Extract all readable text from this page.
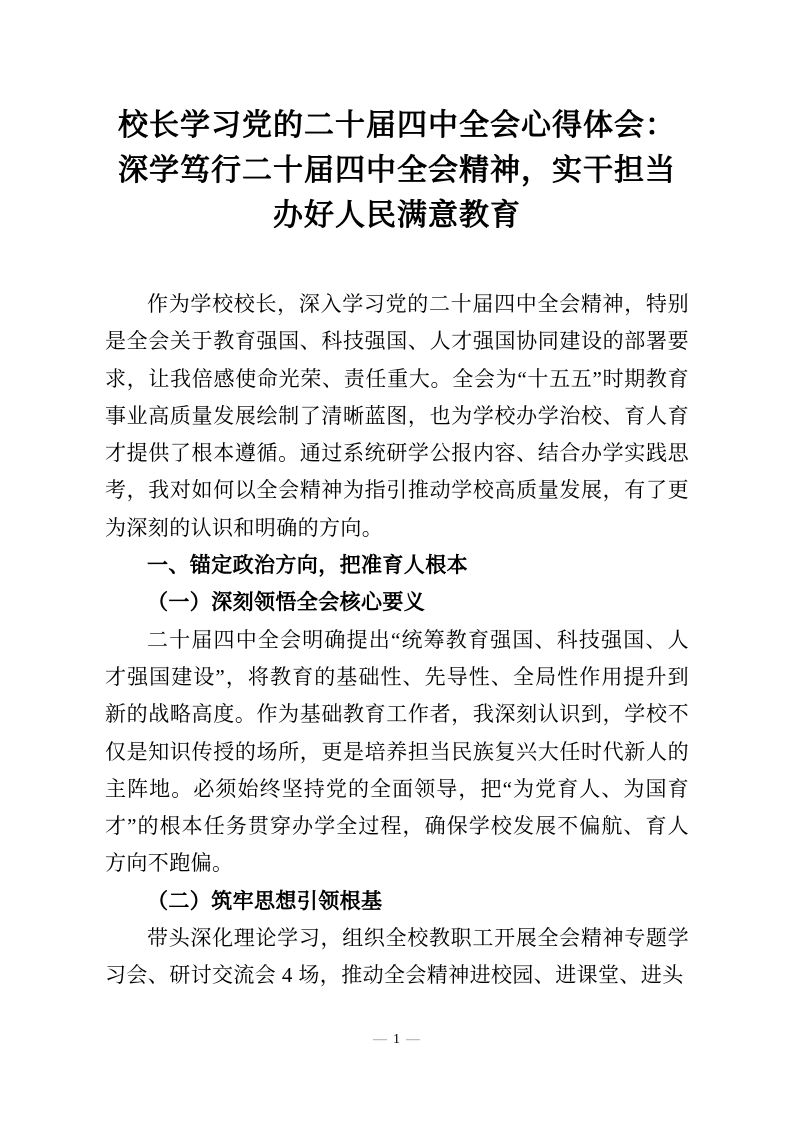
校长学习党的二十届四中全会心得体会：
深学笃行二十届四中全会精神，实干担当
办好人民满意教育

作为学校校长，深入学习党的二十届四中全会精神，特别是全会关于教育强国、科技强国、人才强国协同建设的部署要求，让我倍感使命光荣、责任重大。全会为“十五五”时期教育事业高质量发展绘制了清晰蓝图，也为学校办学治校、育人育才提供了根本遵循。通过系统研学公报内容、结合办学实践思考，我对如何以全会精神为指引推动学校高质量发展，有了更为深刻的认识和明确的方向。

一、锚定政治方向，把准育人根本
（一）深刻领悟全会核心要义

二十届四中全会明确提出“统筹教育强国、科技强国、人才强国建设”，将教育的基础性、先导性、全局性作用提升到新的战略高度。作为基础教育工作者，我深刻认识到，学校不仅是知识传授的场所，更是培养担当民族复兴大任时代新人的主阵地。必须始终坚持党的全面领导，把“为党育人、为国育才”的根本任务贯穿办学全过程，确保学校发展不偏航、育人方向不跑偏。

（二）筑牢思想引领根基

带头深化理论学习，组织全校教职工开展全会精神专题学习会、研讨交流会 4 场，推动全会精神进校园、进课堂、进头

— 1 —
